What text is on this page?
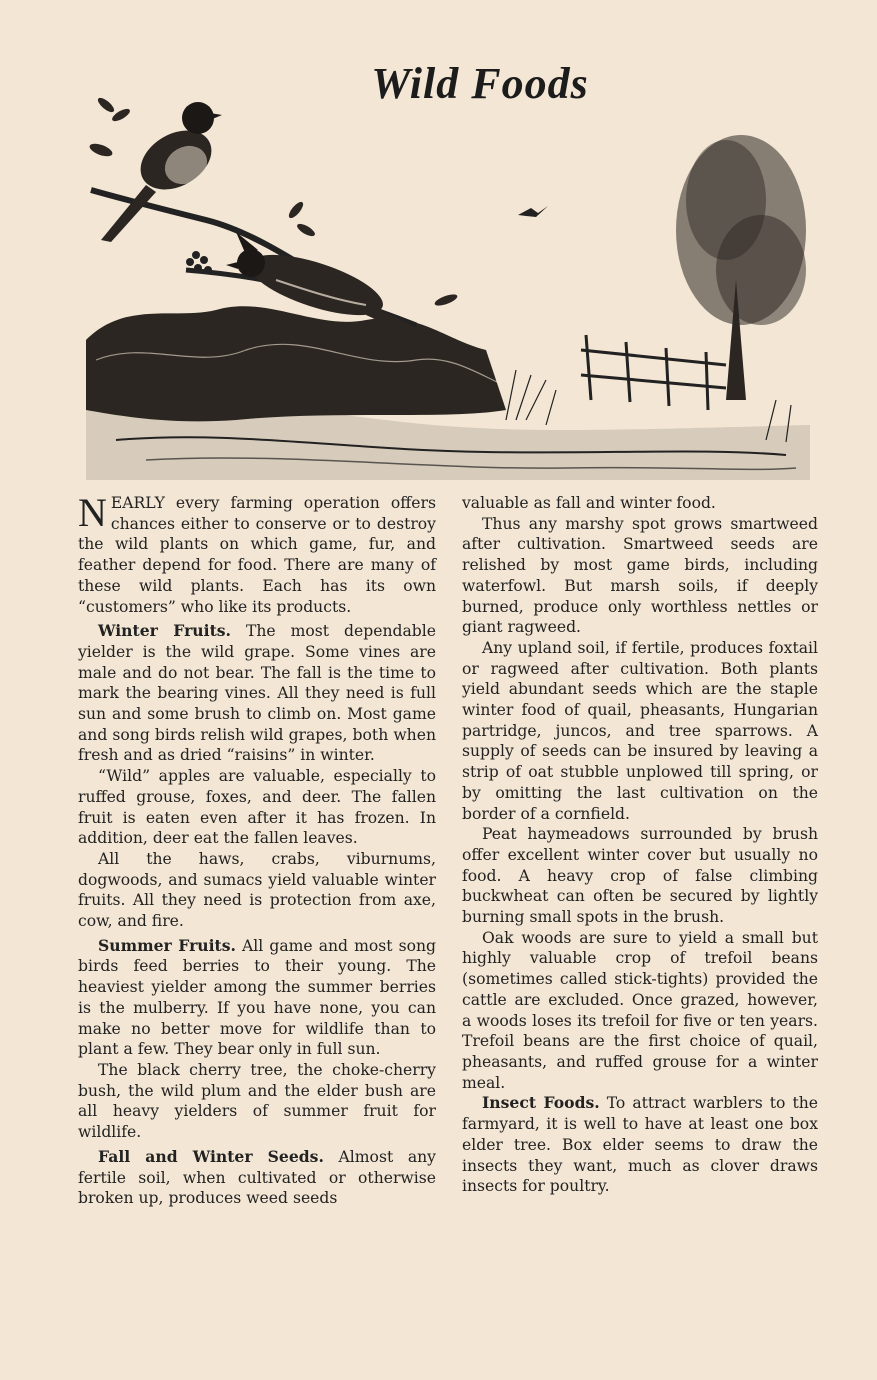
Wild Foods

NEARLY every farming operation offers chances either to conserve or to destroy the wild plants on which game, fur, and feather depend for food. There are many of these wild plants. Each has its own “customers” who like its products.

Winter Fruits. The most dependable yielder is the wild grape. Some vines are male and do not bear. The fall is the time to mark the bearing vines. All they need is full sun and some brush to climb on. Most game and song birds relish wild grapes, both when fresh and as dried “raisins” in winter.

“Wild” apples are valuable, especially to ruffed grouse, foxes, and deer. The fallen fruit is eaten even after it has frozen. In addition, deer eat the fallen leaves.

All the haws, crabs, viburnums, dogwoods, and sumacs yield valuable winter fruits. All they need is protection from axe, cow, and fire.

Summer Fruits. All game and most song birds feed berries to their young. The heaviest yielder among the summer berries is the mulberry. If you have none, you can make no better move for wildlife than to plant a few. They bear only in full sun.

The black cherry tree, the choke-cherry bush, the wild plum and the elder bush are all heavy yielders of summer fruit for wildlife.

Fall and Winter Seeds. Almost any fertile soil, when cultivated or otherwise broken up, produces weed seeds

valuable as fall and winter food.

Thus any marshy spot grows smartweed after cultivation. Smartweed seeds are relished by most game birds, including waterfowl. But marsh soils, if deeply burned, produce only worthless nettles or giant ragweed.

Any upland soil, if fertile, produces foxtail or ragweed after cultivation. Both plants yield abundant seeds which are the staple winter food of quail, pheasants, Hungarian partridge, juncos, and tree sparrows. A supply of seeds can be insured by leaving a strip of oat stubble unplowed till spring, or by omitting the last cultivation on the border of a cornfield.

Peat haymeadows surrounded by brush offer excellent winter cover but usually no food. A heavy crop of false climbing buckwheat can often be secured by lightly burning small spots in the brush.

Oak woods are sure to yield a small but highly valuable crop of trefoil beans (sometimes called stick-tights) provided the cattle are excluded. Once grazed, however, a woods loses its trefoil for five or ten years. Trefoil beans are the first choice of quail, pheasants, and ruffed grouse for a winter meal.

Insect Foods. To attract warblers to the farmyard, it is well to have at least one box elder tree. Box elder seems to draw the insects they want, much as clover draws insects for poultry.
